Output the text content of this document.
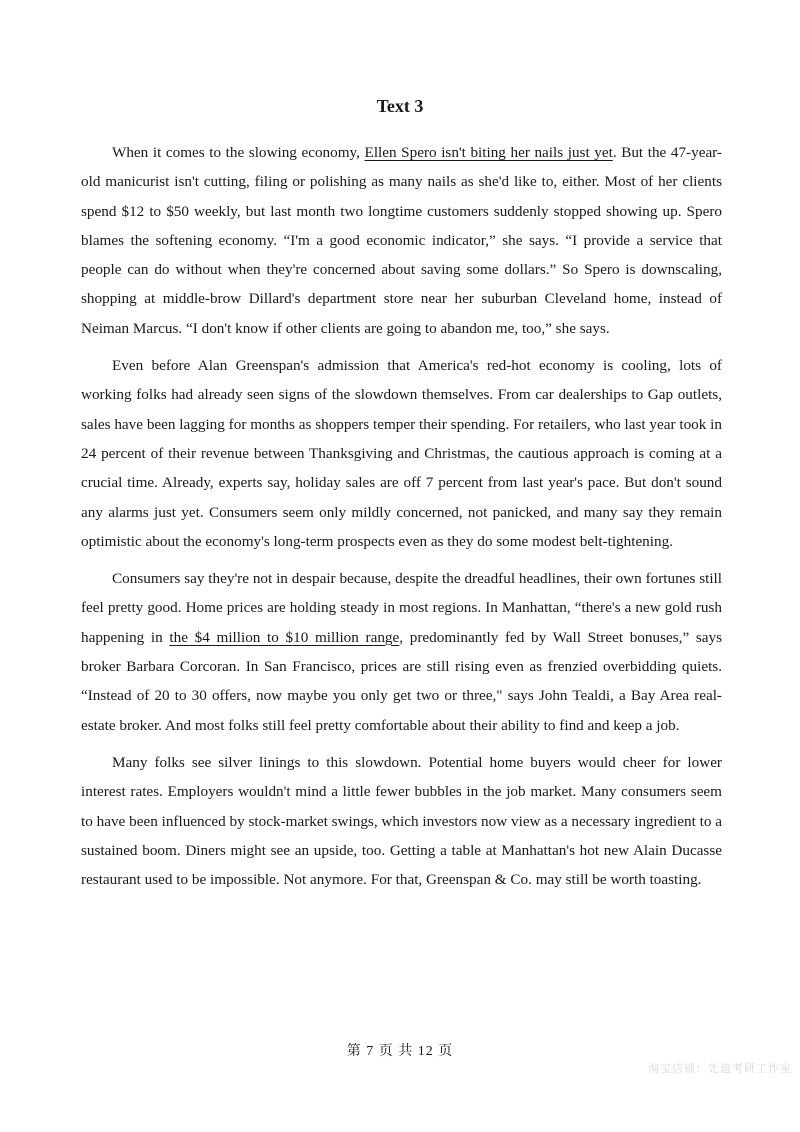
Text 3

When it comes to the slowing economy, Ellen Spero isn't biting her nails just yet. But the 47-year-old manicurist isn't cutting, filing or polishing as many nails as she'd like to, either. Most of her clients spend $12 to $50 weekly, but last month two longtime customers suddenly stopped showing up. Spero blames the softening economy. “I'm a good economic indicator,” she says. “I provide a service that people can do without when they're concerned about saving some dollars.” So Spero is downscaling, shopping at middle-brow Dillard's department store near her suburban Cleveland home, instead of Neiman Marcus. “I don't know if other clients are going to abandon me, too,” she says.

Even before Alan Greenspan's admission that America's red-hot economy is cooling, lots of working folks had already seen signs of the slowdown themselves. From car dealerships to Gap outlets, sales have been lagging for months as shoppers temper their spending. For retailers, who last year took in 24 percent of their revenue between Thanksgiving and Christmas, the cautious approach is coming at a crucial time. Already, experts say, holiday sales are off 7 percent from last year's pace. But don't sound any alarms just yet. Consumers seem only mildly concerned, not panicked, and many say they remain optimistic about the economy's long-term prospects even as they do some modest belt-tightening.

Consumers say they're not in despair because, despite the dreadful headlines, their own fortunes still feel pretty good. Home prices are holding steady in most regions. In Manhattan, “there's a new gold rush happening in the $4 million to $10 million range, predominantly fed by Wall Street bonuses,” says broker Barbara Corcoran. In San Francisco, prices are still rising even as frenzied overbidding quiets. “Instead of 20 to 30 offers, now maybe you only get two or three," says John Tealdi, a Bay Area real-estate broker. And most folks still feel pretty comfortable about their ability to find and keep a job.

Many folks see silver linings to this slowdown. Potential home buyers would cheer for lower interest rates. Employers wouldn't mind a little fewer bubbles in the job market. Many consumers seem to have been influenced by stock-market swings, which investors now view as a necessary ingredient to a sustained boom. Diners might see an upside, too. Getting a table at Manhattan's hot new Alain Ducasse restaurant used to be impossible. Not anymore. For that, Greenspan & Co. may still be worth toasting.

第 7 页 共 12 页
淘宝店铺：先道考研工作室
